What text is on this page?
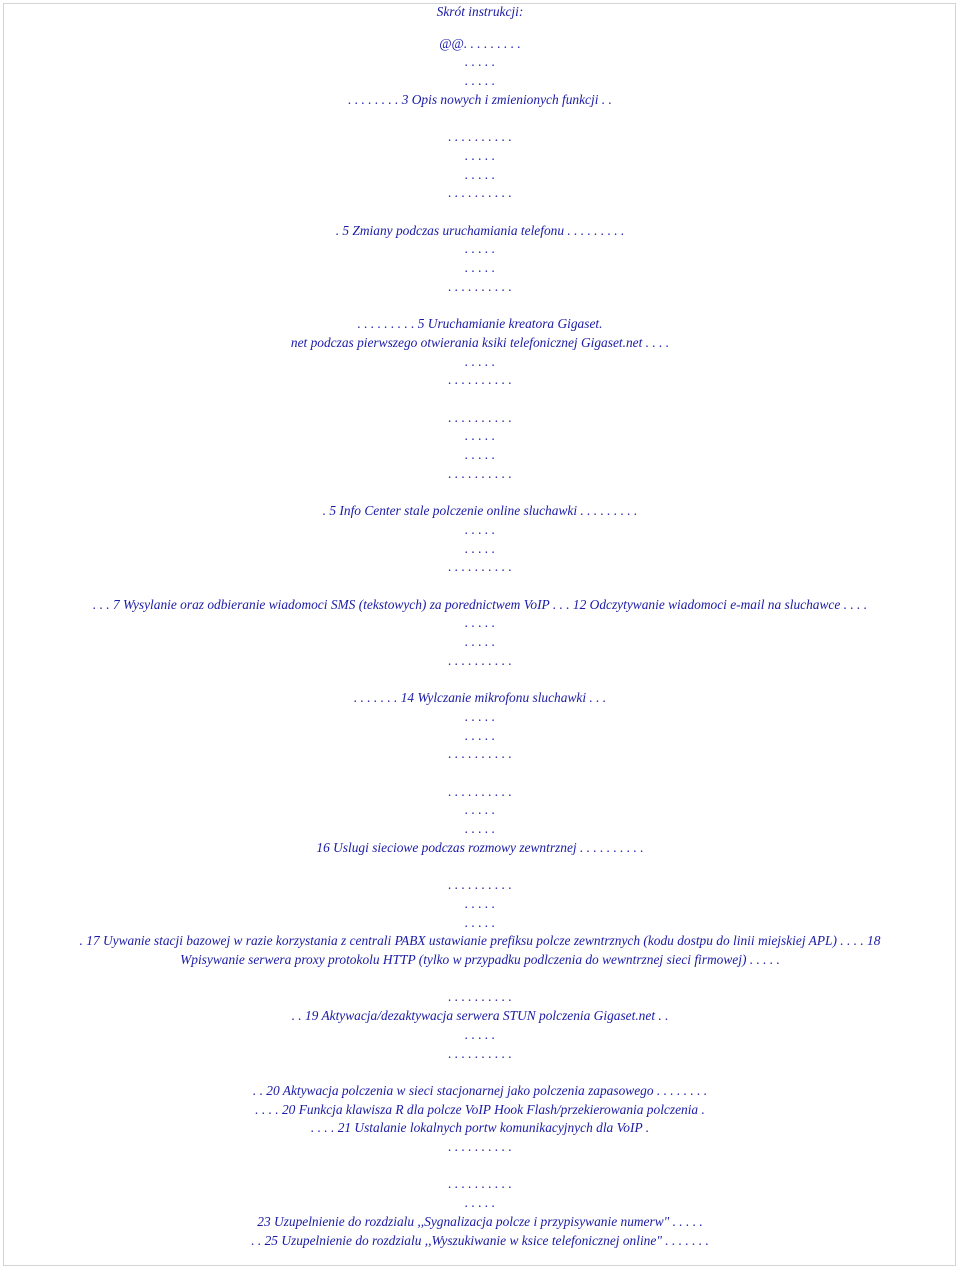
Skrót instrukcji:
@@. . . . . . . . .
. . . . .
. . . . .
. . . . . . . . 3 Opis nowych i zmienionych funkcji . .
. . . . . . . . . .
. . . . .
. . . . .
. . . . . . . . . .
. 5 Zmiany podczas uruchamiania telefonu . . . . . . . . .
. . . . .
. . . . .
. . . . . . . . . .
. . . . . . . . . 5 Uruchamianie kreatora Gigaset.
net podczas pierwszego otwierania ksiki telefonicznej Gigaset.net . . . .
. . . . .
. . . . . . . . . .
. . . . . . . . . .
. . . . .
. . . . .
. . . . . . . . . .
. 5 Info Center stale polczenie online sluchawki . . . . . . . . .
. . . . .
. . . . .
. . . . . . . . . .
. . . 7 Wysylanie oraz odbieranie wiadomoci SMS (tekstowych) za porednictwem VoIP . . . 12 Odczytywanie wiadomoci e-mail na sluchawce . . . .
. . . . .
. . . . .
. . . . . . . . . .
. . . . . . . 14 Wylczanie mikrofonu sluchawki . . .
. . . . .
. . . . .
. . . . . . . . . .
. . . . . . . . . .
. . . . .
. . . . .
16 Uslugi sieciowe podczas rozmowy zewntrznej . . . . . . . . . .
. . . . . . . . . .
. . . . .
. . . . .
. 17 Uywanie stacji bazowej w razie korzystania z centrali PABX ustawianie prefiksu polcze zewntrznych (kodu dostpu do linii miejskiej APL) . . . . 18
Wpisywanie serwera proxy protokolu HTTP (tylko w przypadku podlczenia do wewntrznej sieci firmowej) . . . . .
. . . . . . . . . .
. . 19 Aktywacja/dezaktywacja serwera STUN polczenia Gigaset.net . .
. . . . .
. . . . . . . . . .
. . 20 Aktywacja polczenia w sieci stacjonarnej jako polczenia zapasowego . . . . . . . .
. . . . 20 Funkcja klawisza R dla polcze VoIP Hook Flash/przekierowania polczenia .
. . . . 21 Ustalanie lokalnych portw komunikacyjnych dla VoIP .
. . . . . . . . . .
. . . . . . . . . .
. . . . .
23 Uzupelnienie do rozdzialu ,,Sygnalizacja polcze i przypisywanie numerw" . . . . .
. . 25 Uzupelnienie do rozdzialu ,,Wyszukiwanie w ksice telefonicznej online" . . . . . . .
